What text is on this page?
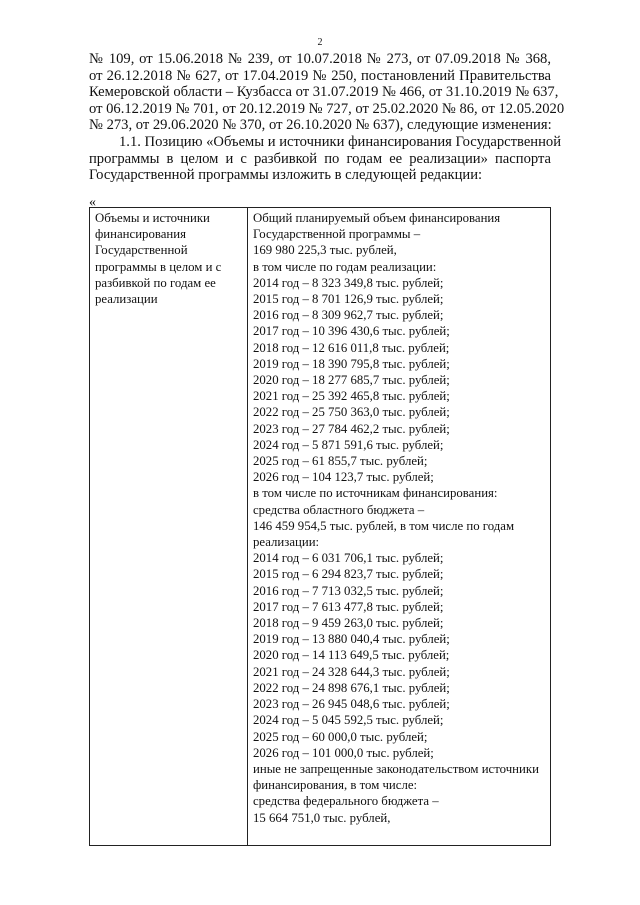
2
№ 109, от 15.06.2018 № 239, от 10.07.2018 № 273, от 07.09.2018 № 368,
от 26.12.2018 № 627, от 17.04.2019 № 250, постановлений Правительства
Кемеровской области – Кузбасса от 31.07.2019 № 466, от 31.10.2019 № 637,
от 06.12.2019 № 701, от 20.12.2019 № 727, от 25.02.2020 № 86, от 12.05.2020
№ 273, от 29.06.2020 № 370, от 26.10.2020 № 637), следующие изменения:
1.1. Позицию «Объемы и источники финансирования Государственной
программы в целом и с разбивкой по годам ее реализации» паспорта
Государственной программы изложить в следующей редакции:
«
Объемы и источники
финансирования
Государственной
программы в целом и с
разбивкой по годам ее
реализации

Общий планируемый объем финансирования
Государственной программы –
169 980 225,3 тыс. рублей,
в том числе по годам реализации:
2014 год – 8 323 349,8 тыс. рублей;
2015 год – 8 701 126,9 тыс. рублей;
2016 год – 8 309 962,7 тыс. рублей;
2017 год – 10 396 430,6 тыс. рублей;
2018 год – 12 616 011,8 тыс. рублей;
2019 год – 18 390 795,8 тыс. рублей;
2020 год – 18 277 685,7 тыс. рублей;
2021 год – 25 392 465,8 тыс. рублей;
2022 год – 25 750 363,0 тыс. рублей;
2023 год – 27 784 462,2 тыс. рублей;
2024 год – 5 871 591,6 тыс. рублей;
2025 год – 61 855,7 тыс. рублей;
2026 год – 104 123,7 тыс. рублей;
в том числе по источникам финансирования:
средства областного бюджета –
146 459 954,5 тыс. рублей, в том числе по годам
реализации:
2014 год – 6 031 706,1 тыс. рублей;
2015 год – 6 294 823,7 тыс. рублей;
2016 год – 7 713 032,5 тыс. рублей;
2017 год – 7 613 477,8 тыс. рублей;
2018 год – 9 459 263,0 тыс. рублей;
2019 год – 13 880 040,4 тыс. рублей;
2020 год – 14 113 649,5 тыс. рублей;
2021 год – 24 328 644,3 тыс. рублей;
2022 год – 24 898 676,1 тыс. рублей;
2023 год – 26 945 048,6 тыс. рублей;
2024 год – 5 045 592,5 тыс. рублей;
2025 год – 60 000,0 тыс. рублей;
2026 год – 101 000,0 тыс. рублей;
иные не запрещенные законодательством источники
финансирования, в том числе:
средства федерального бюджета –
15 664 751,0 тыс. рублей,
